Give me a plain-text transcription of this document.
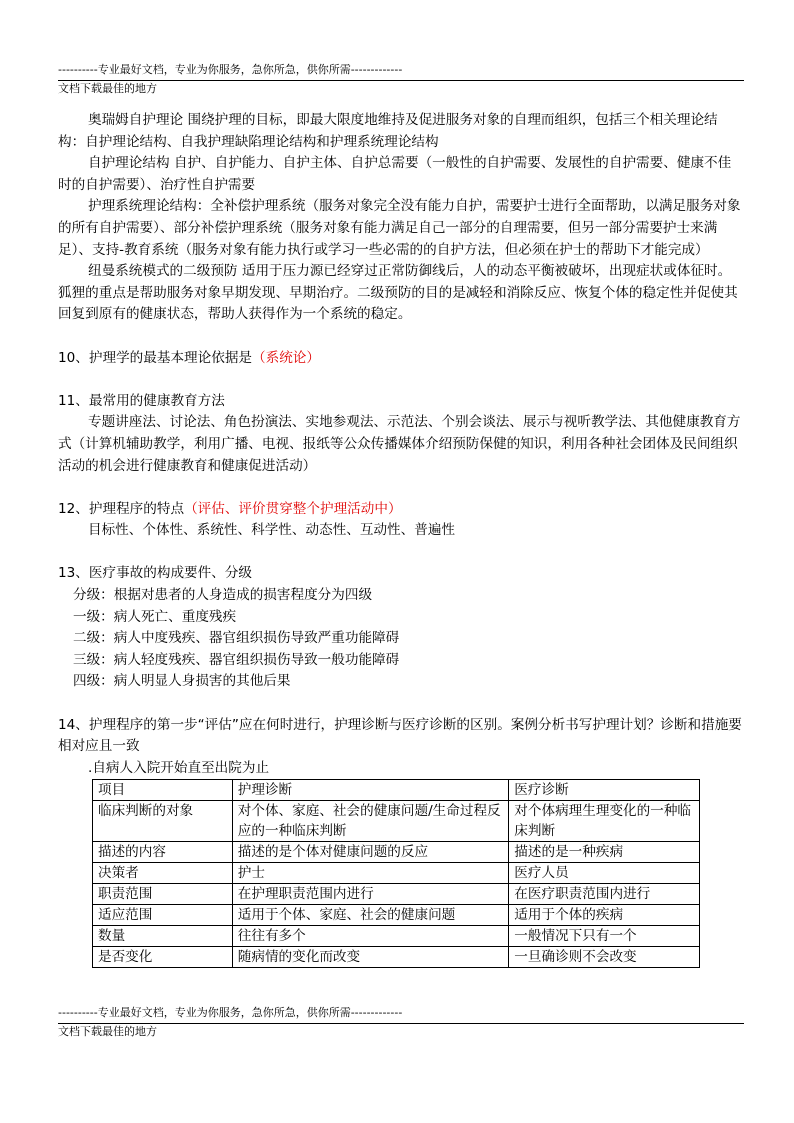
----------专业最好文档，专业为你服务，急你所急，供你所需-------------
文档下载最佳的地方

奥瑞姆自护理论 围绕护理的目标，即最大限度地维持及促进服务对象的自理而组织，包括三个相关理论结构：自护理论结构、自我护理缺陷理论结构和护理系统理论结构

自护理论结构 自护、自护能力、自护主体、自护总需要（一般性的自护需要、发展性的自护需要、健康不佳时的自护需要）、治疗性自护需要

护理系统理论结构：全补偿护理系统（服务对象完全没有能力自护，需要护士进行全面帮助，以满足服务对象的所有自护需要）、部分补偿护理系统（服务对象有能力满足自己一部分的自理需要，但另一部分需要护士来满足）、支持-教育系统（服务对象有能力执行或学习一些必需的的自护方法，但必须在护士的帮助下才能完成）

纽曼系统模式的二级预防 适用于压力源已经穿过正常防御线后，人的动态平衡被破坏，出现症状或体征时。狐狸的重点是帮助服务对象早期发现、早期治疗。二级预防的目的是减轻和消除反应、恢复个体的稳定性并促使其回复到原有的健康状态，帮助人获得作为一个系统的稳定。

10、护理学的最基本理论依据是（系统论）

11、最常用的健康教育方法

专题讲座法、讨论法、角色扮演法、实地参观法、示范法、个别会谈法、展示与视听教学法、其他健康教育方式（计算机辅助教学，利用广播、电视、报纸等公众传播媒体介绍预防保健的知识，利用各种社会团体及民间组织活动的机会进行健康教育和健康促进活动）

12、护理程序的特点（评估、评价贯穿整个护理活动中）

目标性、个体性、系统性、科学性、动态性、互动性、普遍性

13、医疗事故的构成要件、分级

分级：根据对患者的人身造成的损害程度分为四级

一级：病人死亡、重度残疾

二级：病人中度残疾、器官组织损伤导致严重功能障碍

三级：病人轻度残疾、器官组织损伤导致一般功能障碍

四级：病人明显人身损害的其他后果

14、护理程序的第一步“评估”应在何时进行，护理诊断与医疗诊断的区别。案例分析书写护理计划？诊断和措施要相对应且一致

.自病人入院开始直至出院为止

项目	护理诊断	医疗诊断
临床判断的对象	对个体、家庭、社会的健康问题/生命过程反应的一种临床判断	对个体病理生理变化的一种临床判断
描述的内容	描述的是个体对健康问题的反应	描述的是一种疾病
决策者	护士	医疗人员
职责范围	在护理职责范围内进行	在医疗职责范围内进行
适应范围	适用于个体、家庭、社会的健康问题	适用于个体的疾病
数量	往往有多个	一般情况下只有一个
是否变化	随病情的变化而改变	一旦确诊则不会改变
----------专业最好文档，专业为你服务，急你所急，供你所需-------------
文档下载最佳的地方
